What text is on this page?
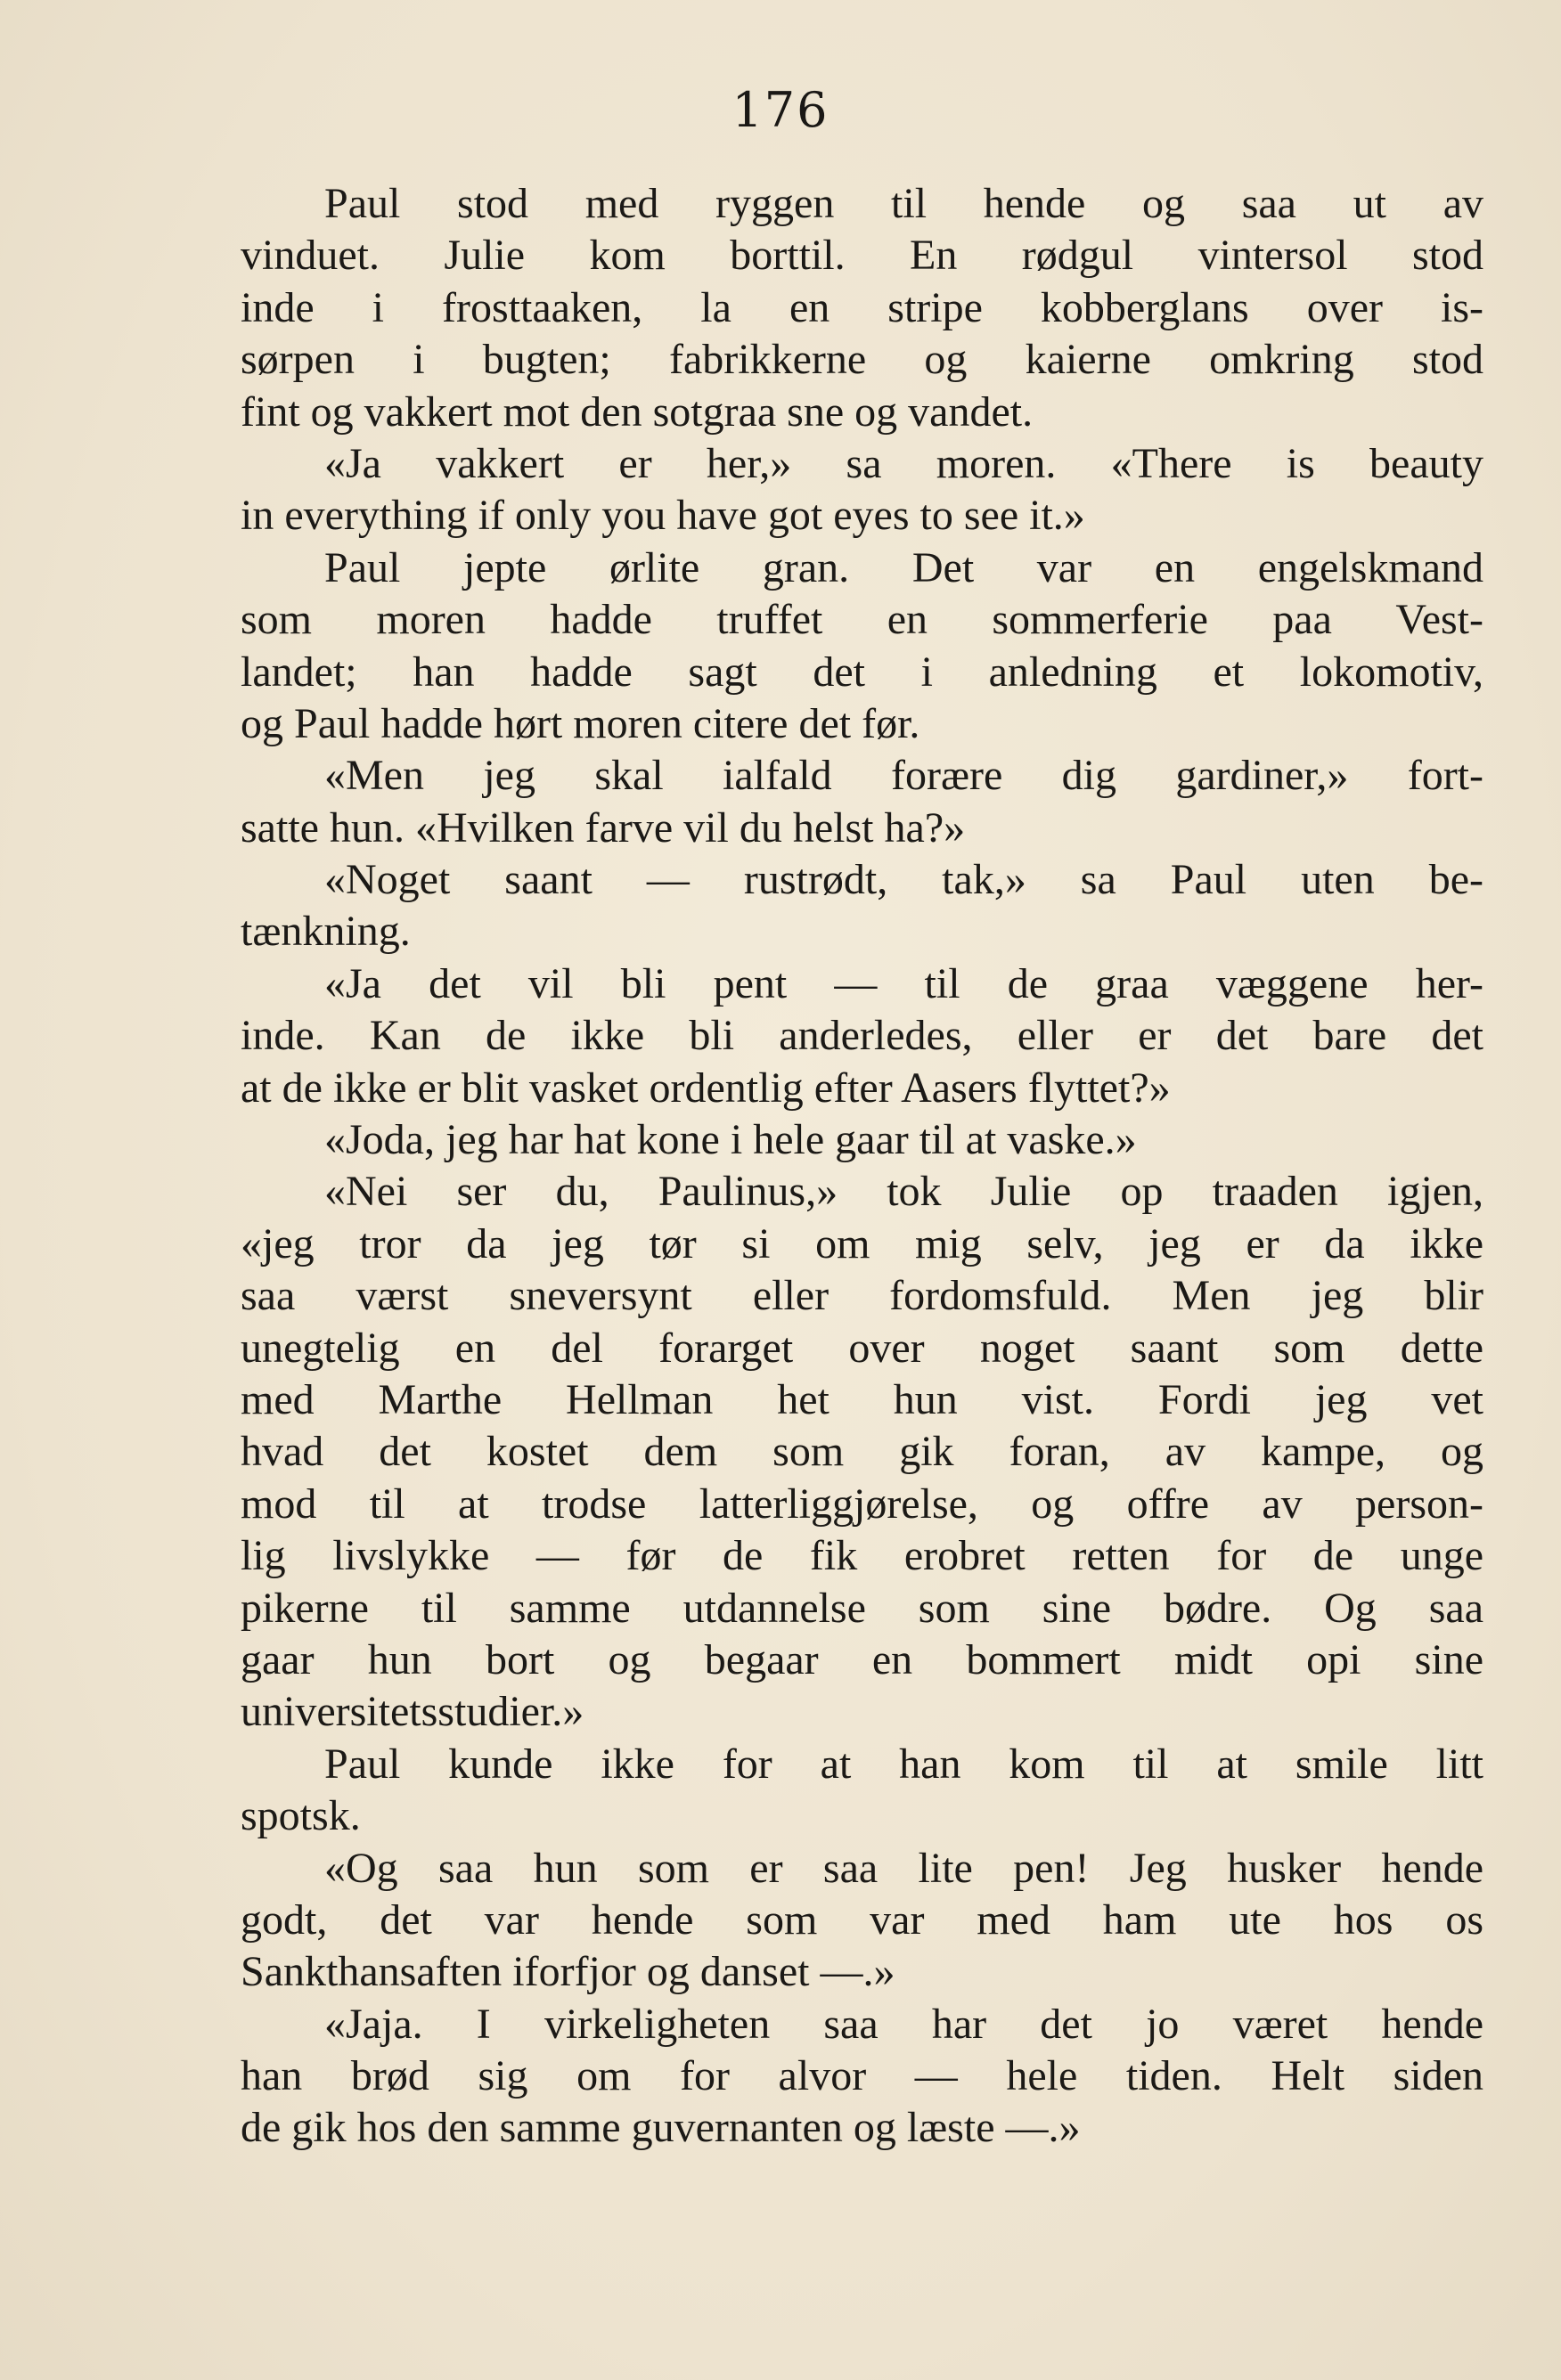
176
Paul stod med ryggen til hende og saa ut av
vinduet. Julie kom borttil. En rødgul vintersol stod
inde i frosttaaken, la en stripe kobberglans over is-
sørpen i bugten; fabrikkerne og kaierne omkring stod
fint og vakkert mot den sotgraa sne og vandet.
«Ja vakkert er her,» sa moren. «There is beauty
in everything if only you have got eyes to see it.»
Paul jepte ørlite gran. Det var en engelskmand
som moren hadde truffet en sommerferie paa Vest-
landet; han hadde sagt det i anledning et lokomotiv,
og Paul hadde hørt moren citere det før.
«Men jeg skal ialfald forære dig gardiner,» fort-
satte hun. «Hvilken farve vil du helst ha?»
«Noget saant — rustrødt, tak,» sa Paul uten be-
tænkning.
«Ja det vil bli pent — til de graa væggene her-
inde. Kan de ikke bli anderledes, eller er det bare det
at de ikke er blit vasket ordentlig efter Aasers flyttet?»
«Joda, jeg har hat kone i hele gaar til at vaske.»
«Nei ser du, Paulinus,» tok Julie op traaden igjen,
«jeg tror da jeg tør si om mig selv, jeg er da ikke
saa værst sneversynt eller fordomsfuld. Men jeg blir
unegtelig en del forarget over noget saant som dette
med Marthe Hellman het hun vist. Fordi jeg vet
hvad det kostet dem som gik foran, av kampe, og
mod til at trodse latterliggjørelse, og offre av person-
lig livslykke — før de fik erobret retten for de unge
pikerne til samme utdannelse som sine bødre. Og saa
gaar hun bort og begaar en bommert midt opi sine
universitetsstudier.»
Paul kunde ikke for at han kom til at smile litt
spotsk.
«Og saa hun som er saa lite pen! Jeg husker hende
godt, det var hende som var med ham ute hos os
Sankthansaften iforfjor og danset —.»
«Jaja. I virkeligheten saa har det jo været hende
han brød sig om for alvor — hele tiden. Helt siden
de gik hos den samme guvernanten og læste —.»
